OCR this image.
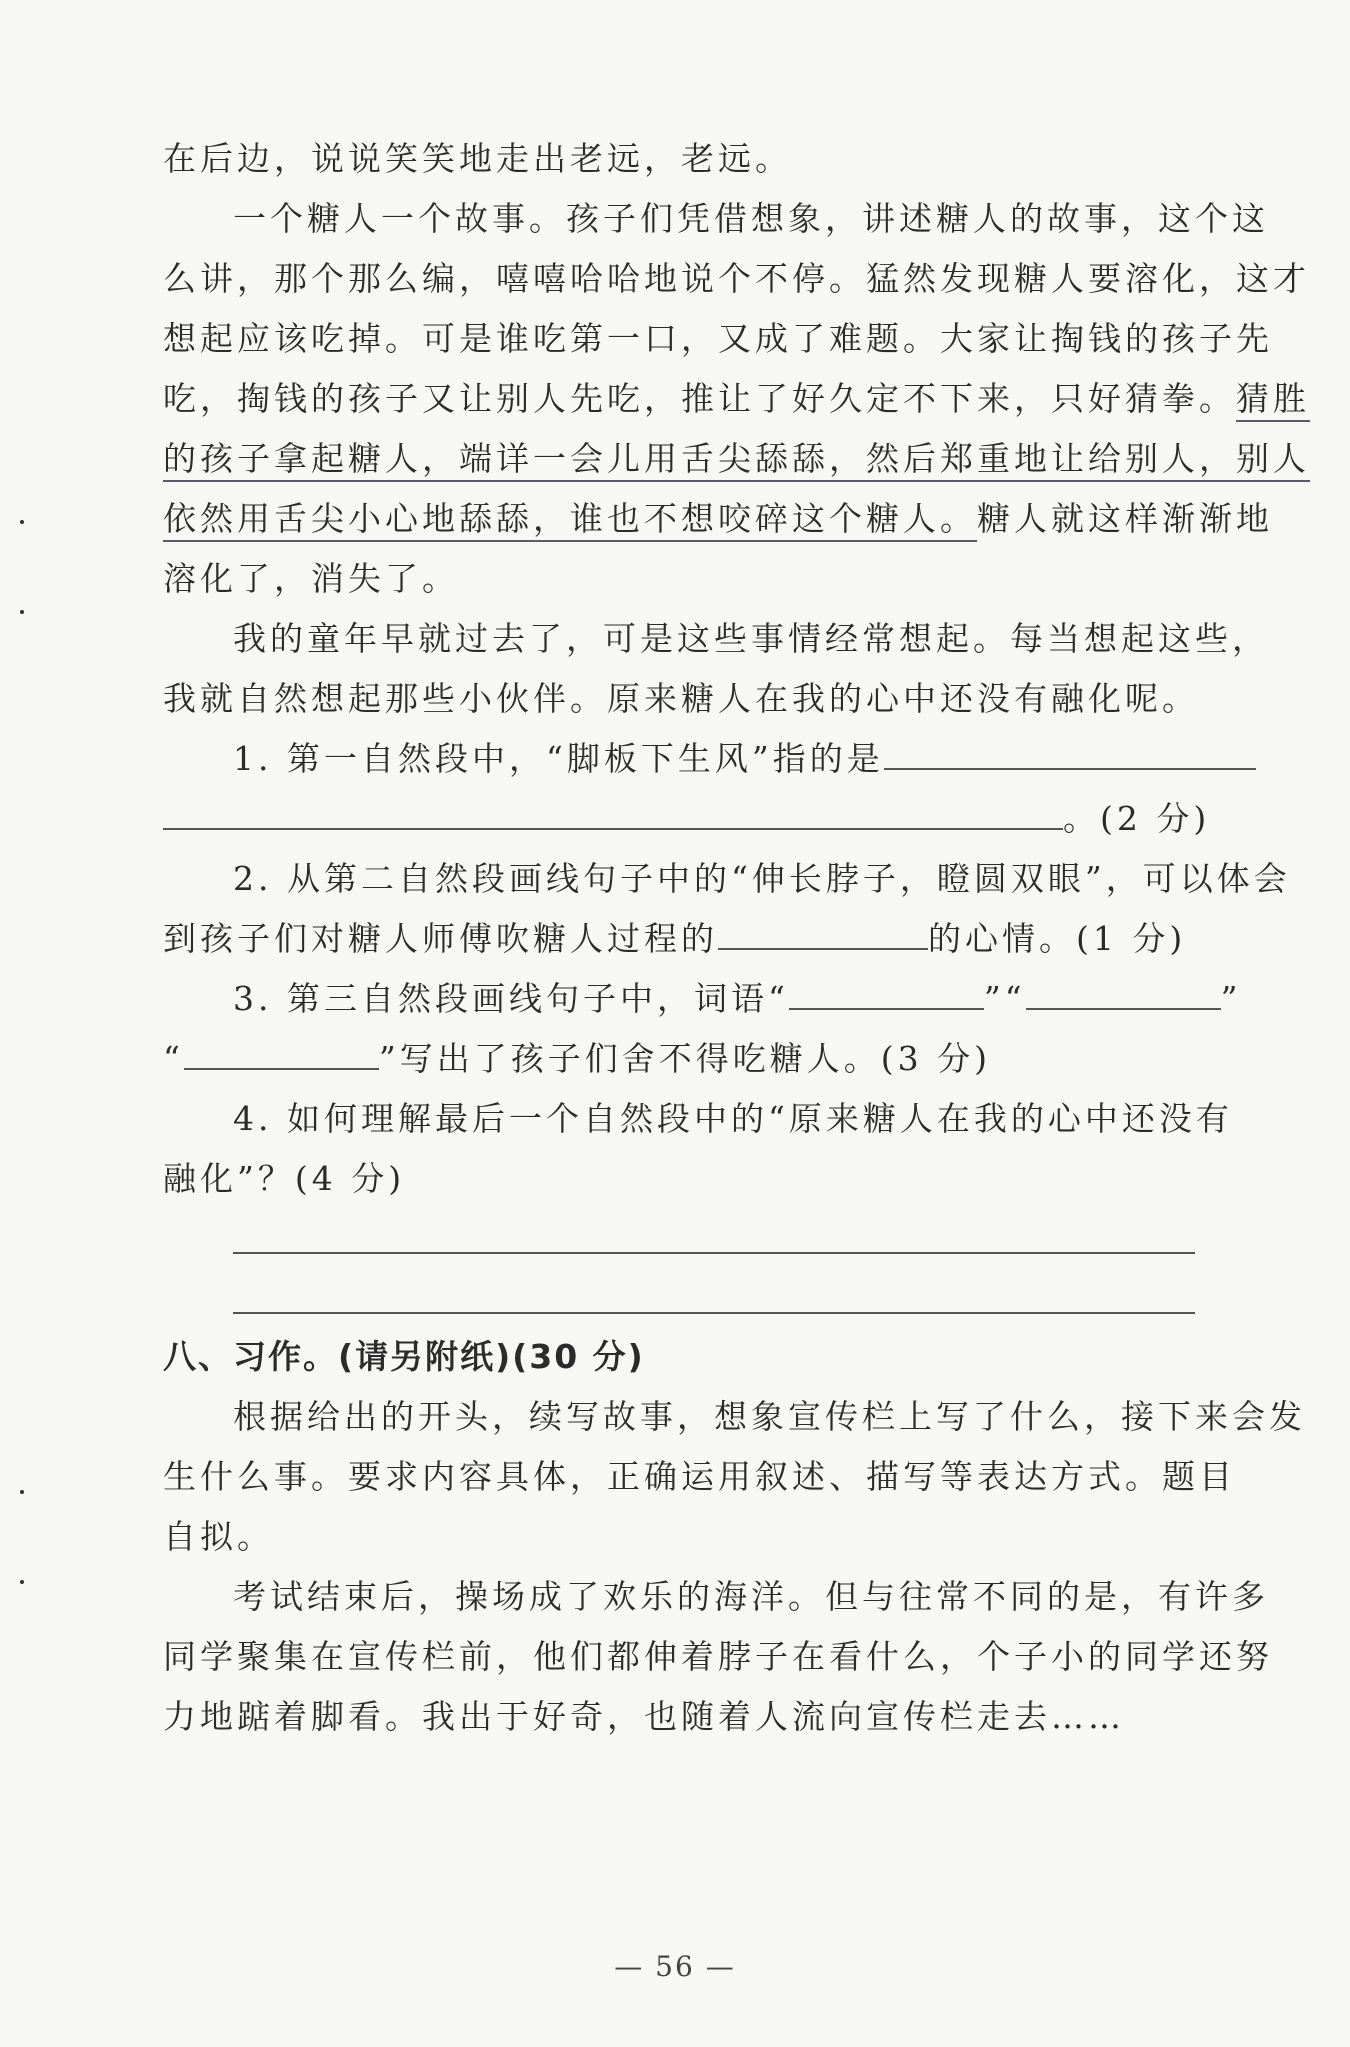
在后边，说说笑笑地走出老远，老远。
一个糖人一个故事。孩子们凭借想象，讲述糖人的故事，这个这
么讲，那个那么编，嘻嘻哈哈地说个不停。猛然发现糖人要溶化，这才
想起应该吃掉。可是谁吃第一口，又成了难题。大家让掏钱的孩子先
吃，掏钱的孩子又让别人先吃，推让了好久定不下来，只好猜拳。猜胜
的孩子拿起糖人，端详一会儿用舌尖舔舔，然后郑重地让给别人，别人
依然用舌尖小心地舔舔，谁也不想咬碎这个糖人。糖人就这样渐渐地
溶化了，消失了。
我的童年早就过去了，可是这些事情经常想起。每当想起这些，
我就自然想起那些小伙伴。原来糖人在我的心中还没有融化呢。
1. 第一自然段中，“脚板下生风”指的是
。(2 分)
2. 从第二自然段画线句子中的“伸长脖子，瞪圆双眼”，可以体会
到孩子们对糖人师傅吹糖人过程的	的心情。(1 分)
3. 第三自然段画线句子中，词语“	”“	”
“	”写出了孩子们舍不得吃糖人。(3 分)
4. 如何理解最后一个自然段中的“原来糖人在我的心中还没有
融化”？(4 分)
八、习作。(请另附纸)(30 分)
根据给出的开头，续写故事，想象宣传栏上写了什么，接下来会发
生什么事。要求内容具体，正确运用叙述、描写等表达方式。题目
自拟。
考试结束后，操场成了欢乐的海洋。但与往常不同的是，有许多
同学聚集在宣传栏前，他们都伸着脖子在看什么，个子小的同学还努
力地踮着脚看。我出于好奇，也随着人流向宣传栏走去……
— 56 —
